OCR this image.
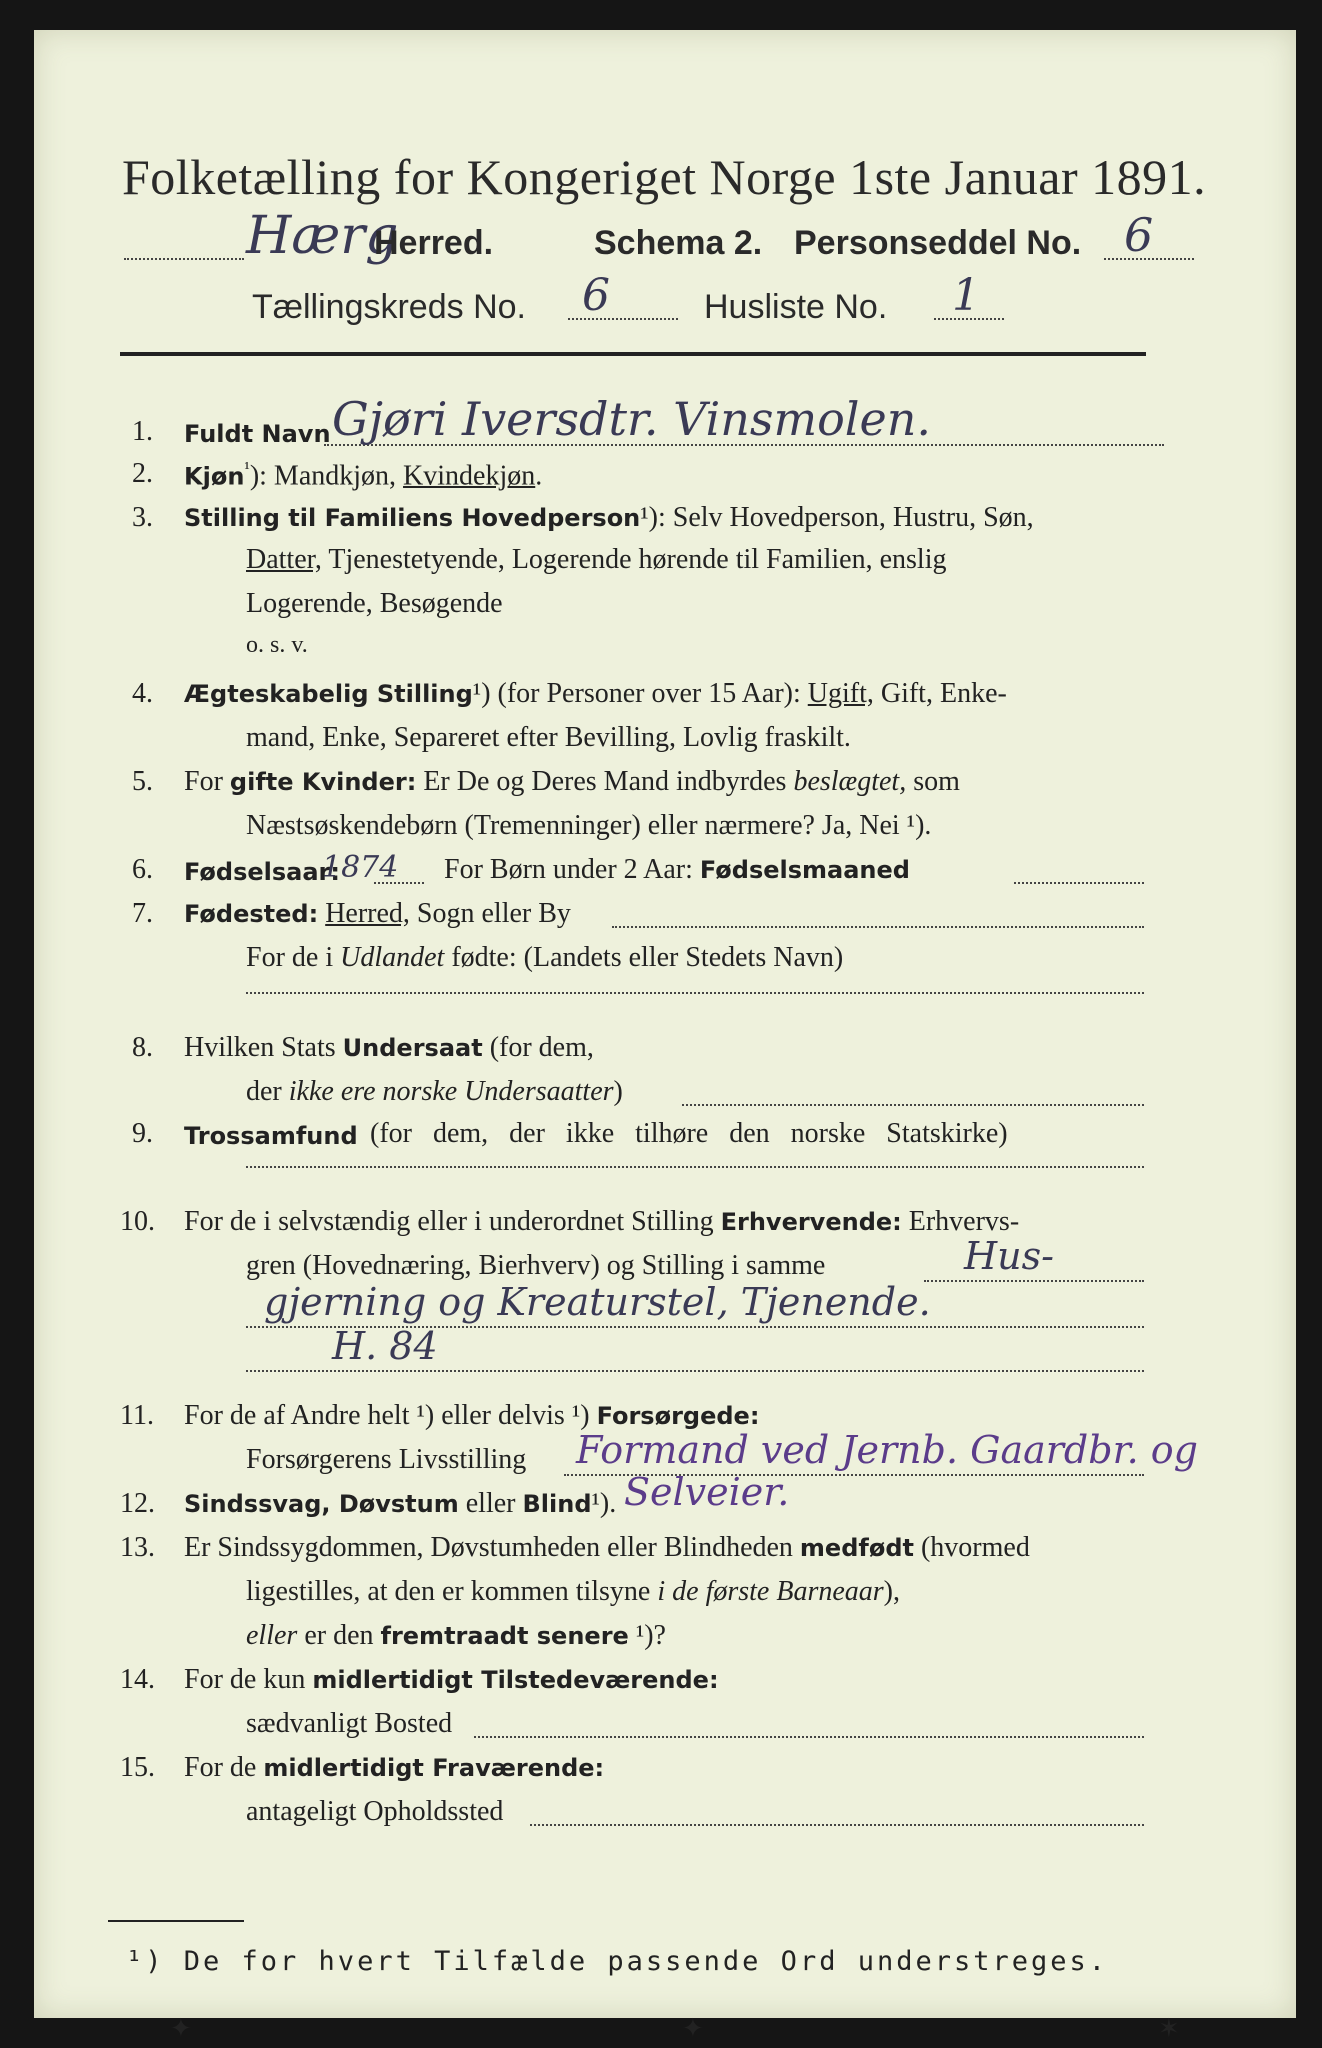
Folketælling for Kongeriget Norge 1ste Januar 1891.
Hærg
Herred.	Schema 2. Personseddel No. 6
Tællingskreds No. 6	Husliste No. 1
1. Fuldt Navn Gjøri Iversdtr. Vinsmolen.
2. Kjøn$^{^1}$): Mandkjøn, Kvindekjøn.
3. Stilling til Familiens Hovedperson¹): Selv Hovedperson, Hustru, Søn,
Datter, Tjenestetyende, Logerende hørende til Familien, enslig
Logerende, Besøgende
o. s. v.
4. Ægteskabelig Stilling¹) (for Personer over 15 Aar): Ugift, Gift, Enke-
mand, Enke, Separeret efter Bevilling, Lovlig fraskilt.
5. For gifte Kvinder: Er De og Deres Mand indbyrdes beslægtet, som
Næstsøskendebørn (Tremenninger) eller nærmere? Ja, Nei ¹).
6. Fødselsaar:
1874 For Børn under 2 Aar: Fødselsmaaned
7. Fødested: Herred, Sogn eller By
For de i Udlandet fødte: (Landets eller Stedets Navn)
8. Hvilken Stats Undersaat (for dem,
der ikke ere norske Undersaatter)
9. Trossamfund (for dem, der ikke tilhøre den norske Statskirke)
10. For de i selvstændig eller i underordnet Stilling Erhvervende: Erhvervs-
gren (Hovednæring, Bierhverv) og Stilling i samme	Hus-
gjerning og Kreaturstel, Tjenende.
H. 84
11. For de af Andre helt ¹) eller delvis ¹) Forsørgede:
Forsørgerens Livsstilling Formand ved Jernb. Gaardbr. og
Selveier.
12. Sindssvag, Døvstum eller Blind¹).
13. Er Sindssygdommen, Døvstumheden eller Blindheden medfødt (hvormed
ligestilles, at den er kommen tilsyne i de første Barneaar),
eller er den fremtraadt senere ¹)?
14. For de kun midlertidigt Tilstedeværende:
sædvanligt Bosted
15. For de midlertidigt Fraværende:
antageligt Opholdssted
¹) De for hvert Tilfælde passende Ord understreges.
✦	✦	✶
